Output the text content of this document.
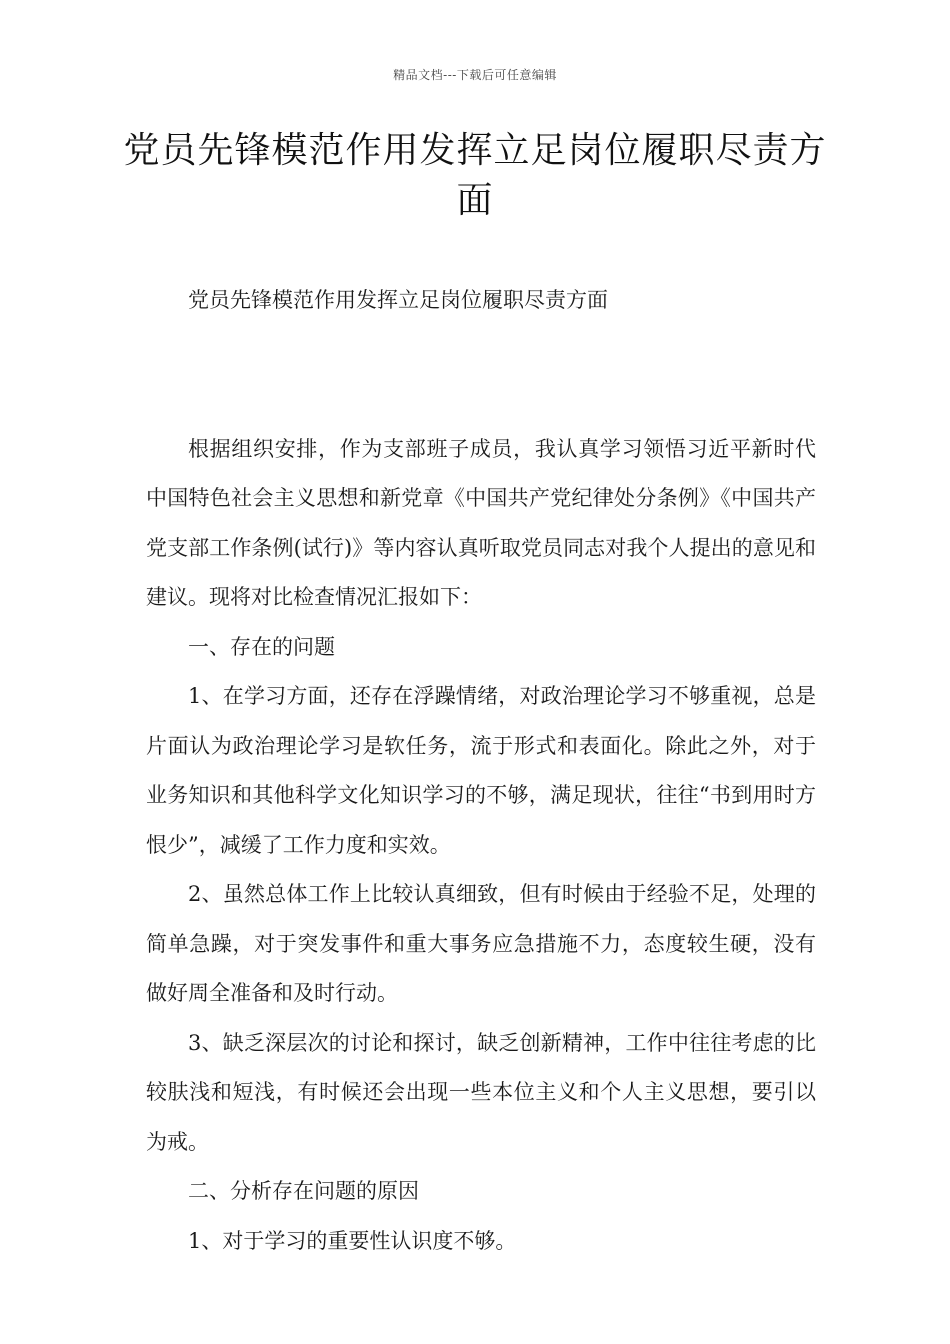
精品文档---下载后可任意编辑
党员先锋模范作用发挥立足岗位履职尽责方面

党员先锋模范作用发挥立足岗位履职尽责方面

根据组织安排，作为支部班子成员，我认真学习领悟习近平新时代中国特色社会主义思想和新党章《中国共产党纪律处分条例》《中国共产党支部工作条例(试行)》等内容认真听取党员同志对我个人提出的意见和建议。现将对比检查情况汇报如下：

一、存在的问题

1、在学习方面，还存在浮躁情绪，对政治理论学习不够重视，总是片面认为政治理论学习是软任务，流于形式和表面化。除此之外，对于业务知识和其他科学文化知识学习的不够，满足现状，往往“书到用时方恨少”，减缓了工作力度和实效。

2、虽然总体工作上比较认真细致，但有时候由于经验不足，处理的简单急躁，对于突发事件和重大事务应急措施不力，态度较生硬，没有做好周全准备和及时行动。

3、缺乏深层次的讨论和探讨，缺乏创新精神，工作中往往考虑的比较肤浅和短浅，有时候还会出现一些本位主义和个人主义思想，要引以为戒。

二、分析存在问题的原因

1、对于学习的重要性认识度不够。
